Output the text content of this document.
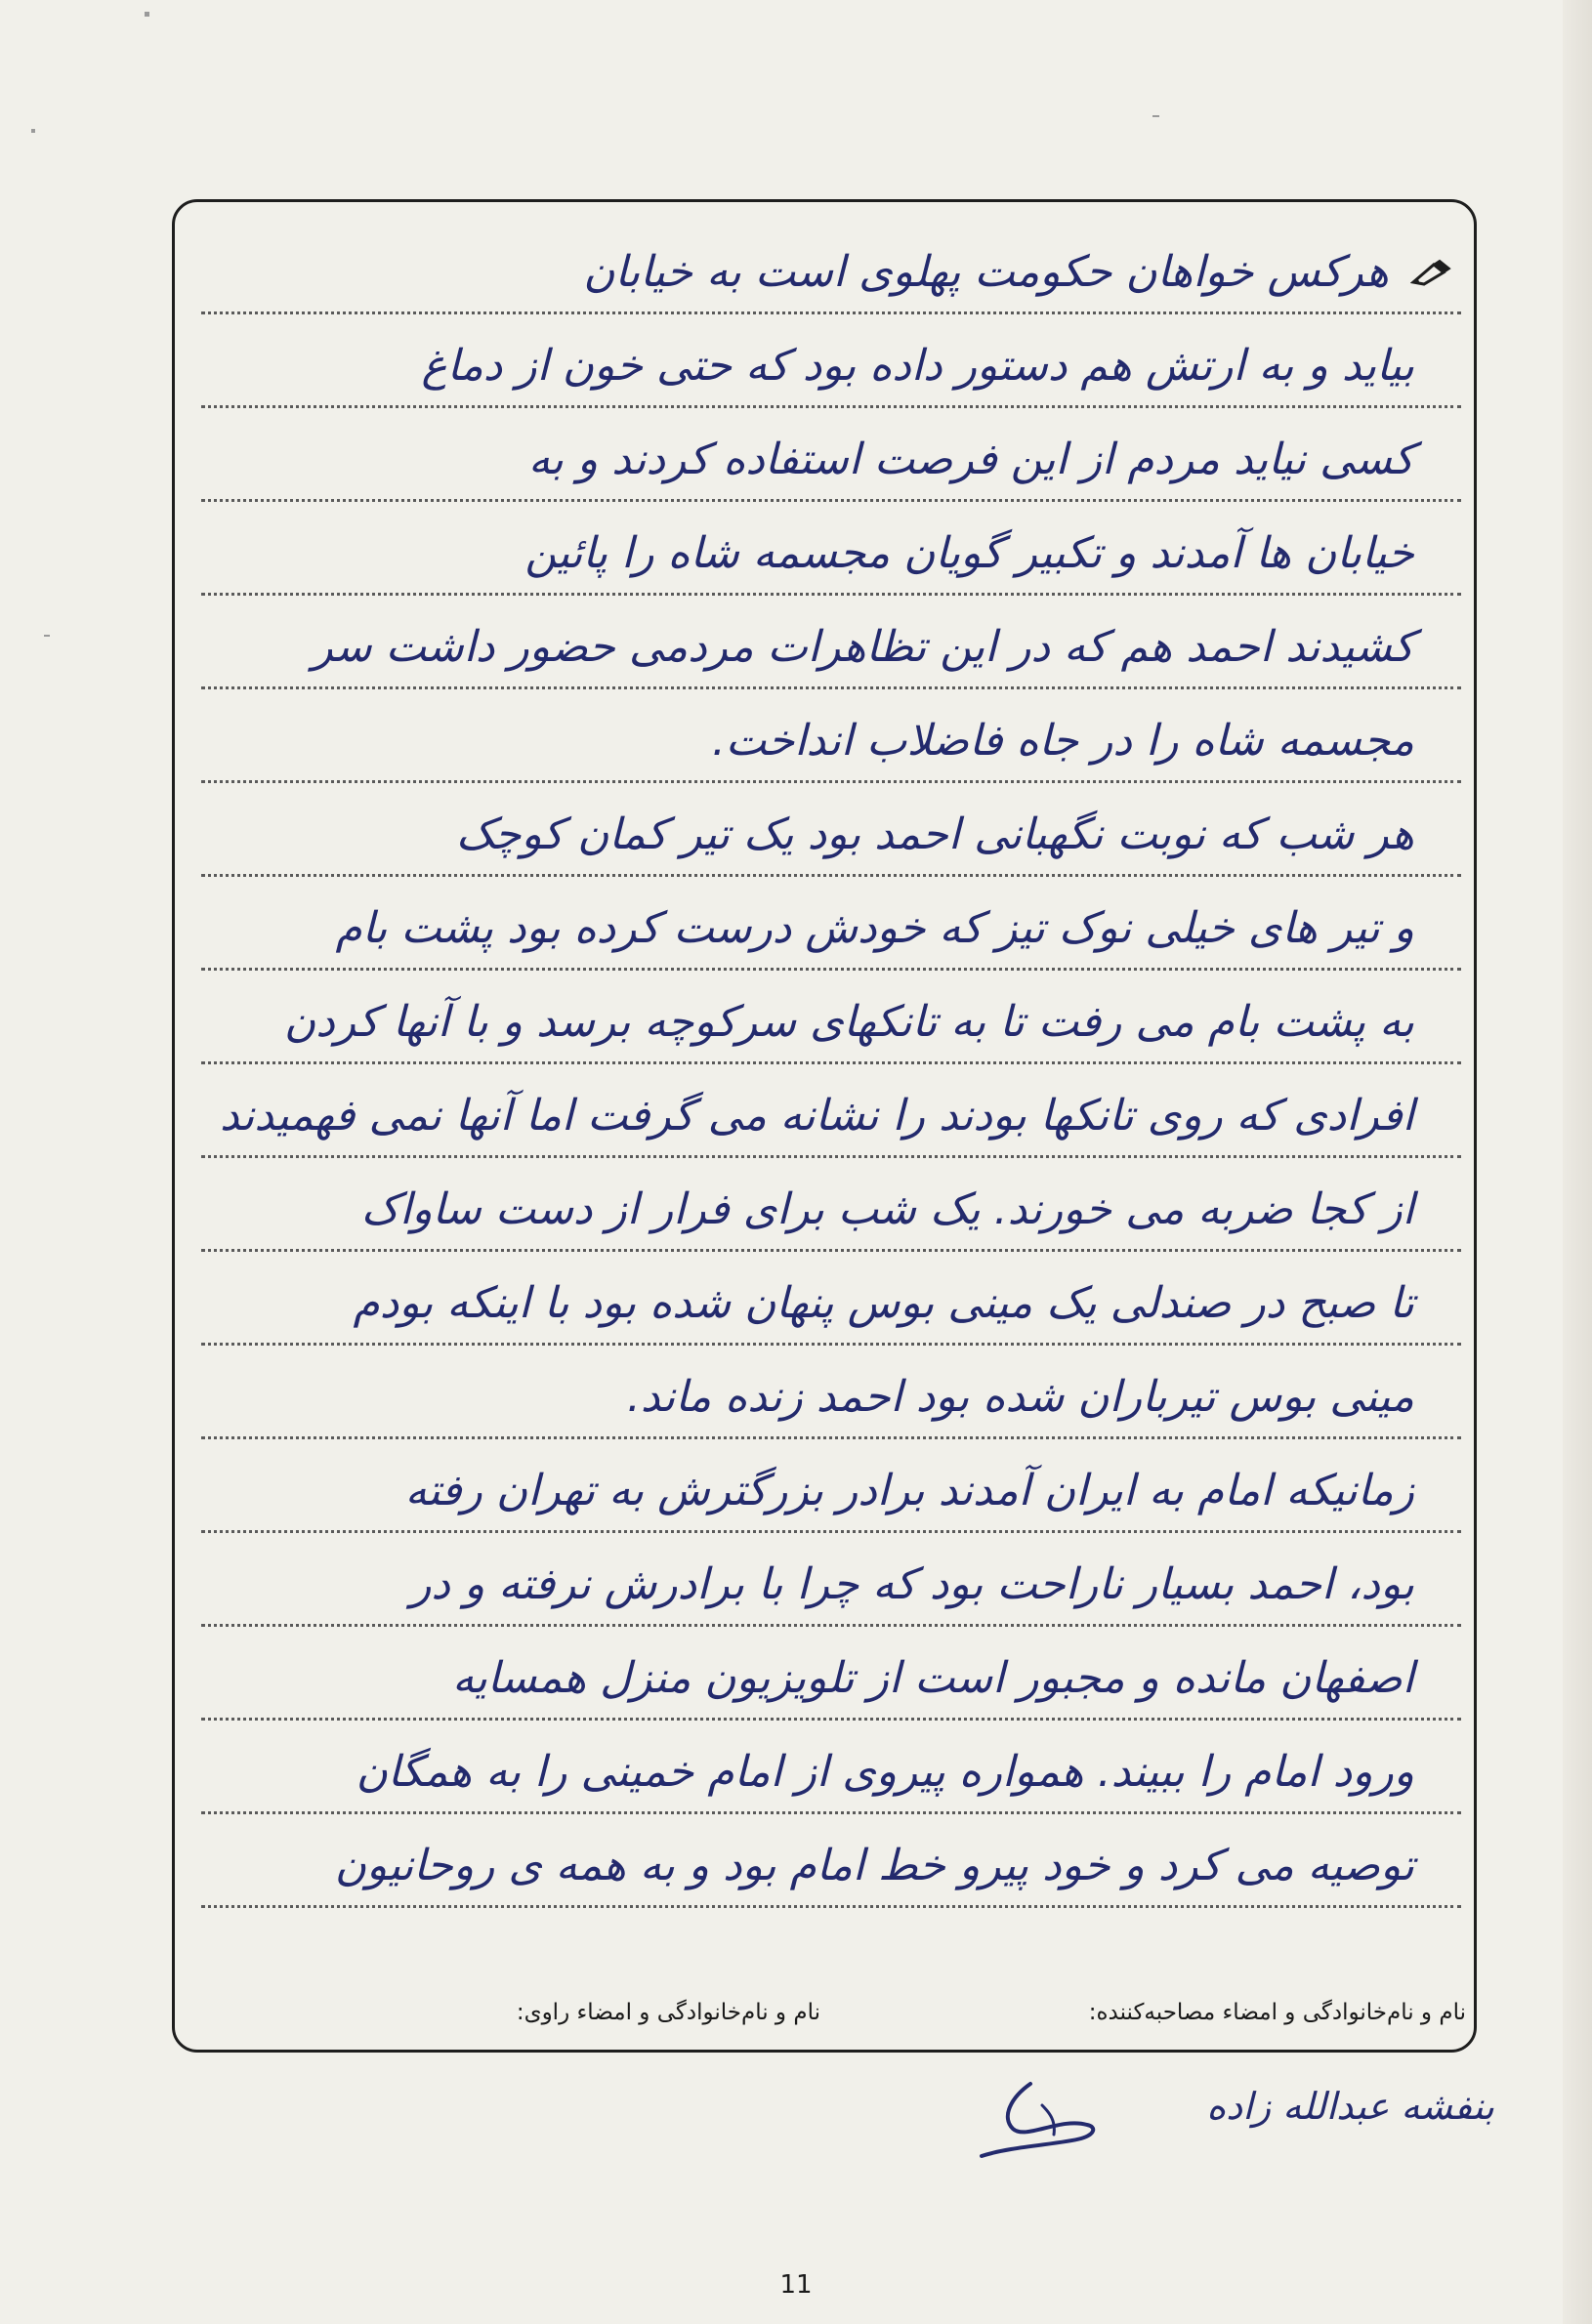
هرکس خواهان حکومت پهلوی است به خیابان
بیاید و به ارتش هم دستور داده بود که حتی خون از دماغ
کسی نیاید مردم از این فرصت استفاده کردند و به
خیابان ها آمدند و تکبیر گویان مجسمه شاه را پائین
کشیدند احمد هم که در این تظاهرات مردمی حضور داشت سر
مجسمه شاه را در جاه فاضلاب انداخت.
هر شب که نوبت نگهبانی احمد بود یک تیر کمان کوچک
و تیر های خیلی نوک تیز که خودش درست کرده بود پشت بام
به پشت بام می رفت تا به تانکهای سرکوچه برسد و با آنها کردن
افرادی که روی تانکها بودند را نشانه می گرفت اما آنها نمی فهمیدند
از کجا ضربه می خورند. یک شب برای فرار از دست ساواک
تا صبح در صندلی یک مینی بوس پنهان شده بود با اینکه بودم
مینی بوس تیرباران شده بود احمد زنده ماند.
زمانیکه امام به ایران آمدند برادر بزرگترش به تهران رفته
بود، احمد بسیار ناراحت بود که چرا با برادرش نرفته و در
اصفهان مانده و مجبور است از تلویزیون منزل همسایه
ورود امام را ببیند. همواره پیروی از امام خمینی را به همگان
توصیه می کرد و خود پیرو خط امام بود و به همه ی روحانیون
نام و نام‌خانوادگی و امضاء مصاحبه‌کننده:
نام و نام‌خانوادگی و امضاء راوی:
بنفشه عبدالله زاده
11
